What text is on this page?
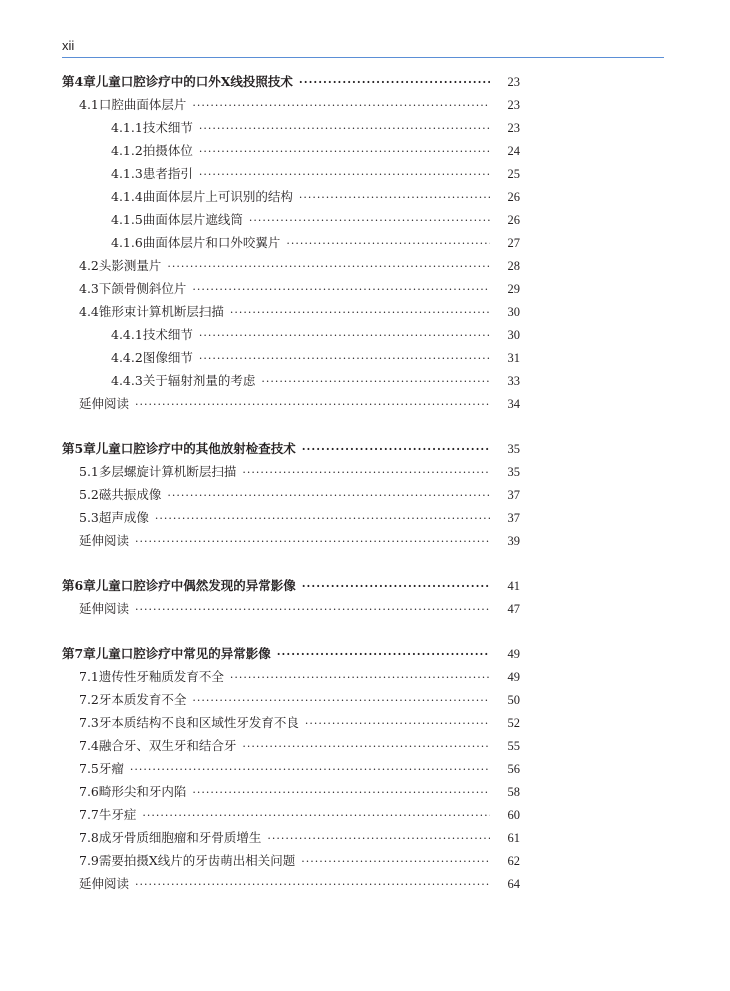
xii
第4章 儿童口腔诊疗中的口外X线投照技术 ·····	23
4.1 口腔曲面体层片 ·····	23
4.1.1 技术细节 ·····	23
4.1.2 拍摄体位 ·····	24
4.1.3 患者指引 ·····	25
4.1.4 曲面体层片上可识别的结构 ·····	26
4.1.5 曲面体层片遮线筒 ·····	26
4.1.6 曲面体层片和口外咬翼片 ·····	27
4.2 头影测量片 ·····	28
4.3 下颌骨侧斜位片 ·····	29
4.4 锥形束计算机断层扫描 ·····	30
4.4.1 技术细节 ·····	30
4.4.2 图像细节 ·····	31
4.4.3 关于辐射剂量的考虑 ·····	33
延伸阅读 ·····	34
第5章 儿童口腔诊疗中的其他放射检查技术 ·····	35
5.1 多层螺旋计算机断层扫描 ·····	35
5.2 磁共振成像 ·····	37
5.3 超声成像 ·····	37
延伸阅读 ·····	39
第6章 儿童口腔诊疗中偶然发现的异常影像 ·····	41
延伸阅读 ·····	47
第7章 儿童口腔诊疗中常见的异常影像 ·····	49
7.1 遗传性牙釉质发育不全 ·····	49
7.2 牙本质发育不全 ·····	50
7.3 牙本质结构不良和区域性牙发育不良 ·····	52
7.4 融合牙、双生牙和结合牙 ·····	55
7.5 牙瘤 ·····	56
7.6 畸形尖和牙内陷 ·····	58
7.7 牛牙症 ·····	60
7.8 成牙骨质细胞瘤和牙骨质增生 ·····	61
7.9 需要拍摄X线片的牙齿萌出相关问题 ·····	62
延伸阅读 ·····	64
